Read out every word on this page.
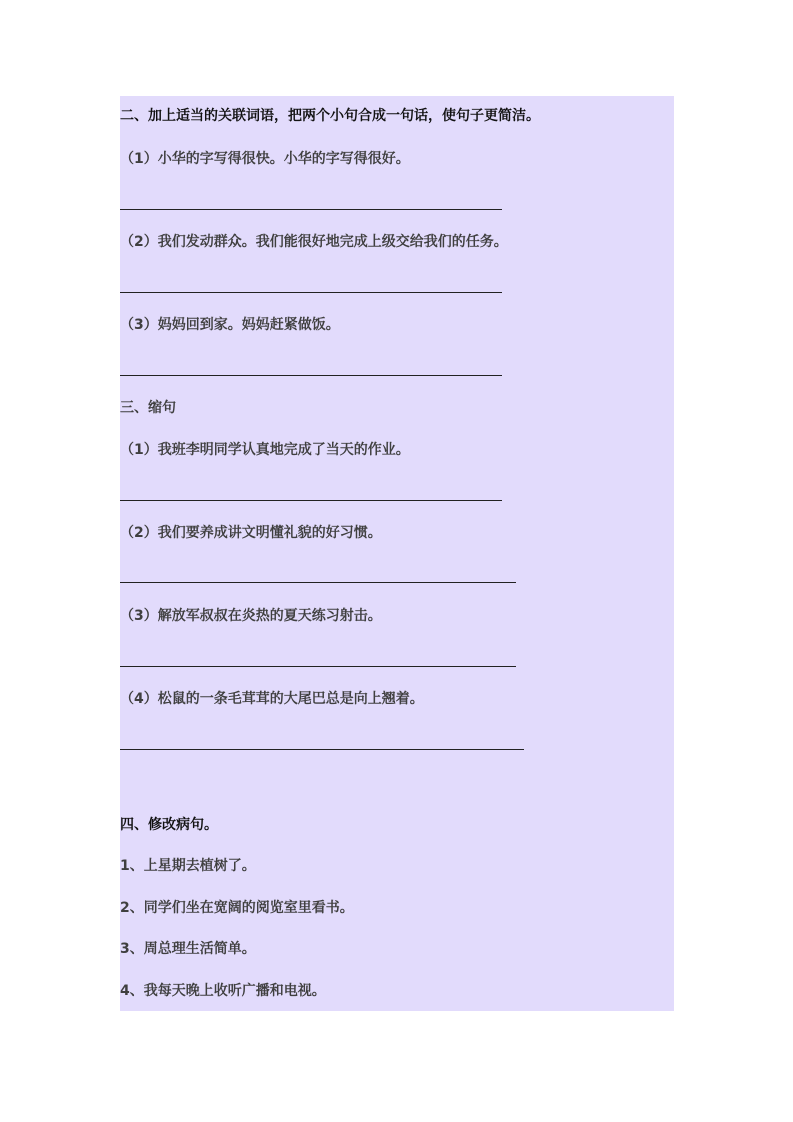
二、加上适当的关联词语，把两个小句合成一句话，使句子更简洁。
（1）小华的字写得很快。小华的字写得很好。
（2）我们发动群众。我们能很好地完成上级交给我们的任务。
（3）妈妈回到家。妈妈赶紧做饭。
三、缩句
（1）我班李明同学认真地完成了当天的作业。
（2）我们要养成讲文明懂礼貌的好习惯。
（3）解放军叔叔在炎热的夏天练习射击。
（4）松鼠的一条毛茸茸的大尾巴总是向上翘着。
四、修改病句。
1、上星期去植树了。
2、同学们坐在宽阔的阅览室里看书。
3、周总理生活简单。
4、我每天晚上收听广播和电视。
